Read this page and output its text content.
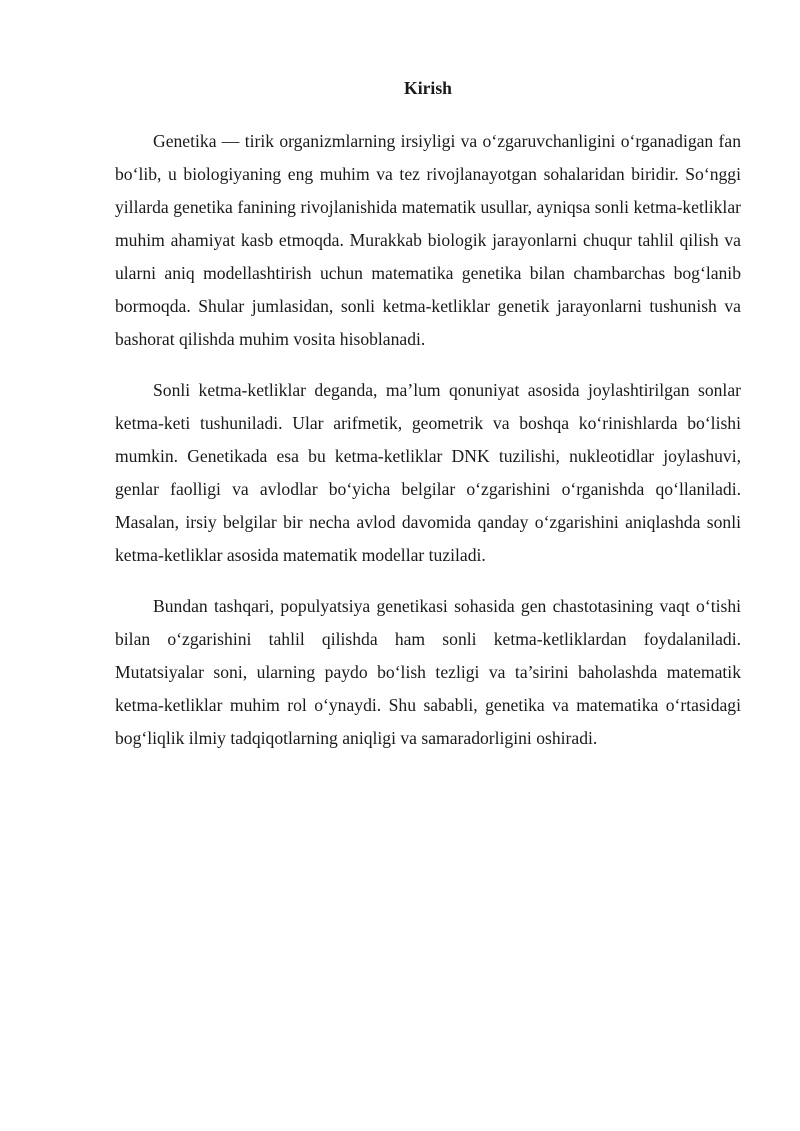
Kirish

Genetika — tirik organizmlarning irsiyligi va o‘zgaruvchanligini o‘rganadigan fan bo‘lib, u biologiyaning eng muhim va tez rivojlanayotgan sohalaridan biridir. So‘nggi yillarda genetika fanining rivojlanishida matematik usullar, ayniqsa sonli ketma-ketliklar muhim ahamiyat kasb etmoqda. Murakkab biologik jarayonlarni chuqur tahlil qilish va ularni aniq modellashtirish uchun matematika genetika bilan chambarchas bog‘lanib bormoqda. Shular jumlasidan, sonli ketma-ketliklar genetik jarayonlarni tushunish va bashorat qilishda muhim vosita hisoblanadi.

Sonli ketma-ketliklar deganda, ma’lum qonuniyat asosida joylashtirilgan sonlar ketma-keti tushuniladi. Ular arifmetik, geometrik va boshqa ko‘rinishlarda bo‘lishi mumkin. Genetikada esa bu ketma-ketliklar DNK tuzilishi, nukleotidlar joylashuvi, genlar faolligi va avlodlar bo‘yicha belgilar o‘zgarishini o‘rganishda qo‘llaniladi. Masalan, irsiy belgilar bir necha avlod davomida qanday o‘zgarishini aniqlashda sonli ketma-ketliklar asosida matematik modellar tuziladi.

Bundan tashqari, populyatsiya genetikasi sohasida gen chastotasining vaqt o‘tishi bilan o‘zgarishini tahlil qilishda ham sonli ketma-ketliklardan foydalaniladi. Mutatsiyalar soni, ularning paydo bo‘lish tezligi va ta’sirini baholashda matematik ketma-ketliklar muhim rol o‘ynaydi. Shu sababli, genetika va matematika o‘rtasidagi bog‘liqlik ilmiy tadqiqotlarning aniqligi va samaradorligini oshiradi.
